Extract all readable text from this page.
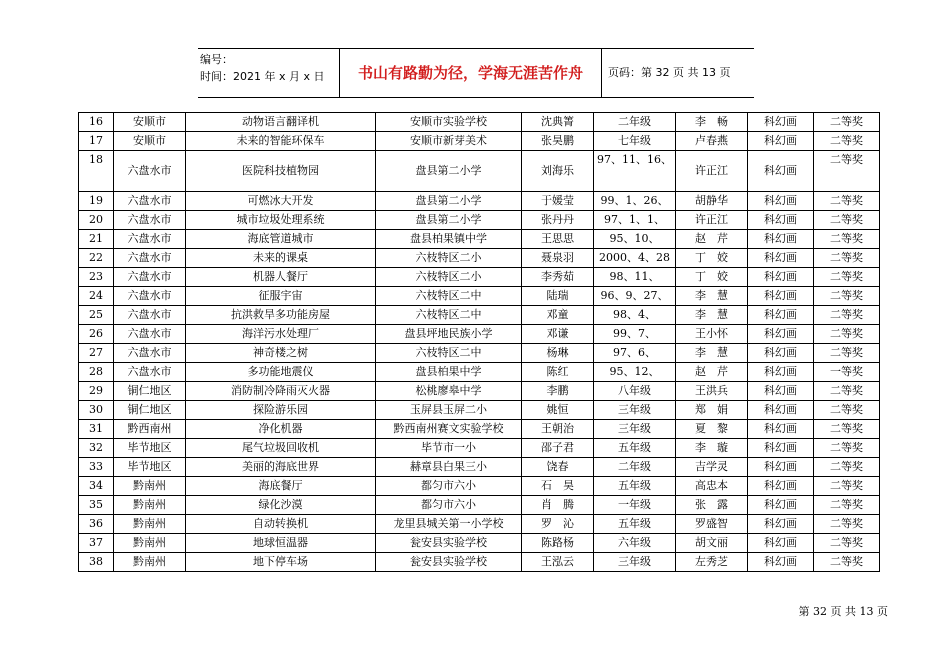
编号：
时间：2021 年 x 月 x 日	书山有路勤为径，学海无涯苦作舟	页码：第 32 页 共 13 页
16	安顺市	动物语言翻译机	安顺市实验学校	沈典箐	二年级	李　畅	科幻画	二等奖
17	安顺市	未来的智能环保车	安顺市新芽美术	张昊鹏	七年级	卢春燕	科幻画	二等奖
18	六盘水市	医院科技植物园	盘县第二小学	刘海乐	97、11、16、	许正江	科幻画	二等奖
19	六盘水市	可燃冰大开发	盘县第二小学	于媛莹	99、1、26、	胡静华	科幻画	二等奖
20	六盘水市	城市垃圾处理系统	盘县第二小学	张丹丹	97、1、1、	许正江	科幻画	二等奖
21	六盘水市	海底管道城市	盘县柏果镇中学	王思思	95、10、	赵　芹	科幻画	二等奖
22	六盘水市	未来的课桌	六枝特区二小	聂泉羽	2000、4、28	丁　姣	科幻画	二等奖
23	六盘水市	机器人餐厅	六枝特区二小	李秀茹	98、11、	丁　姣	科幻画	二等奖
24	六盘水市	征服宇宙	六枝特区二中	陆瑞	96、9、27、	李　慧	科幻画	二等奖
25	六盘水市	抗洪救旱多功能房屋	六枝特区二中	邓童	98、4、	李　慧	科幻画	二等奖
26	六盘水市	海洋污水处理厂	盘县坪地民族小学	邓谦	99、7、	王小怀	科幻画	二等奖
27	六盘水市	神奇楼之树	六枝特区二中	杨琳	97、6、	李　慧	科幻画	二等奖
28	六盘水市	多功能地震仪	盘县柏果中学	陈红	95、12、	赵　芹	科幻画	一等奖
29	铜仁地区	消防制冷降雨灭火器	松桃廖皋中学	李鹏	八年级	王洪兵	科幻画	二等奖
30	铜仁地区	探险游乐园	玉屏县玉屏二小	姚恒	三年级	郑　娟	科幻画	二等奖
31	黔西南州	净化机器	黔西南州赛文实验学校	王朝治	三年级	夏　黎	科幻画	二等奖
32	毕节地区	尾气垃圾回收机	毕节市一小	邵子君	五年级	李　璇	科幻画	二等奖
33	毕节地区	美丽的海底世界	赫章县白果三小	饶春	二年级	吉学灵	科幻画	二等奖
34	黔南州	海底餐厅	都匀市六小	石　昊	五年级	高忠本	科幻画	二等奖
35	黔南州	绿化沙漠	都匀市六小	肖　腾	一年级	张　露	科幻画	二等奖
36	黔南州	自动转换机	龙里县城关第一小学校	罗　沁	五年级	罗盛智	科幻画	二等奖
37	黔南州	地球恒温器	瓮安县实验学校	陈路杨	六年级	胡文丽	科幻画	二等奖
38	黔南州	地下停车场	瓮安县实验学校	王泓云	三年级	左秀芝	科幻画	二等奖
第 32 页 共 13 页
